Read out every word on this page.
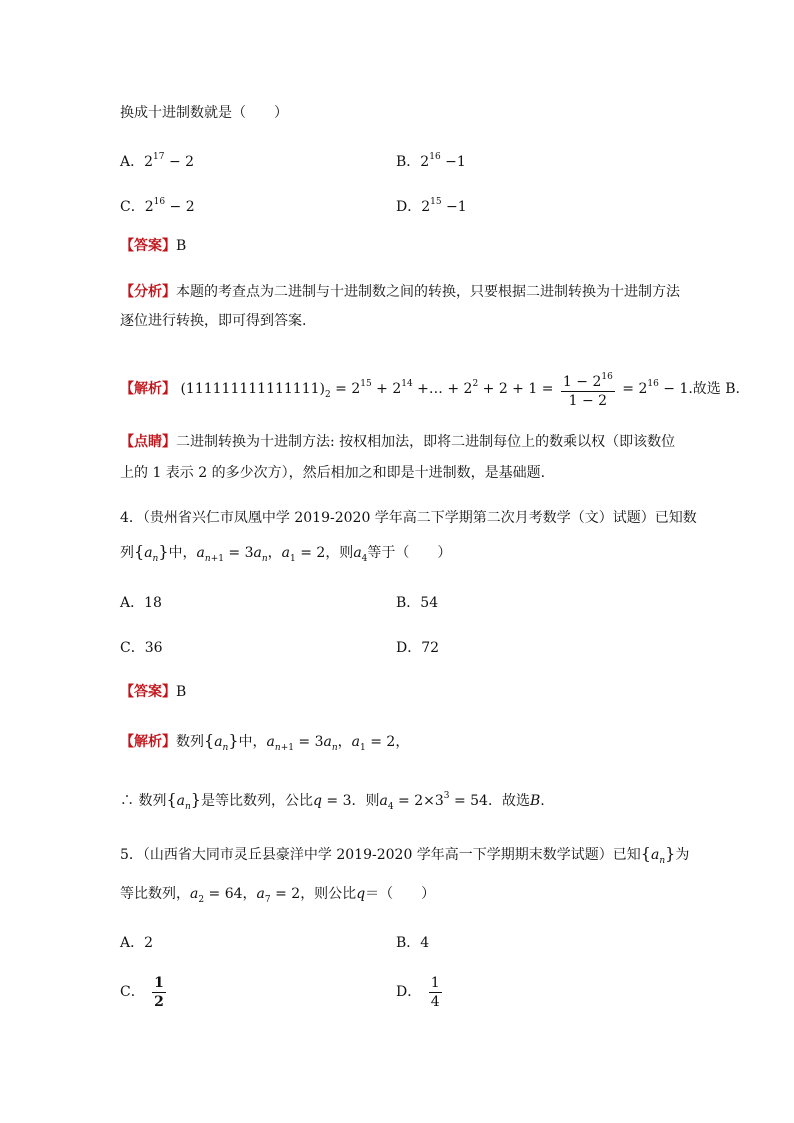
换成十进制数就是（　　）
A．$2^{17} - 2$	B．$2^{16} -1$
C．$2^{16} - 2$	D．$2^{15} -1$
【答案】B
【分析】本题的考查点为二进制与十进制数之间的转换，只要根据二进制转换为十进制方法
逐位进行转换，即可得到答案.
【解析】 $(111111111111111)_2 = 2^{15} + 2^{14}$ +… + $2^2 + 2 + 1 = \frac{1 - 2^{16}}{1 - 2} = 2^{16} - 1$.故选 B.
【点睛】二进制转换为十进制方法: 按权相加法，即将二进制每位上的数乘以权（即该数位
上的 1 表示 2 的多少次方），然后相加之和即是十进制数，是基础题.
4．（贵州省兴仁市凤凰中学 2019-2020 学年高二下学期第二次月考数学（文）试题）已知数
列$\{a_n\}$中，$a_{n+1} = 3a_n$，$a_1 = 2$，则$a_4$等于（　　）
A．18	B．54
C．36	D．72
【答案】B
【解析】数列$\{a_n\}$中，$a_{n+1} = 3a_n$，$a_1 = 2$，
∴ 数列$\{a_n\}$是等比数列，公比q = 3．则$a_4 = 2\times 3^3 = 54$．故选B.
5．（山西省大同市灵丘县豪洋中学 2019-2020 学年高一下学期期末数学试题）已知$\{a_n\}$为
等比数列，$a_2 = 64$，$a_7 = 2$，则公比q＝（　　）
A．2	B．4
C． $\frac{1}{2}$	D． $\frac{1}{4}$
